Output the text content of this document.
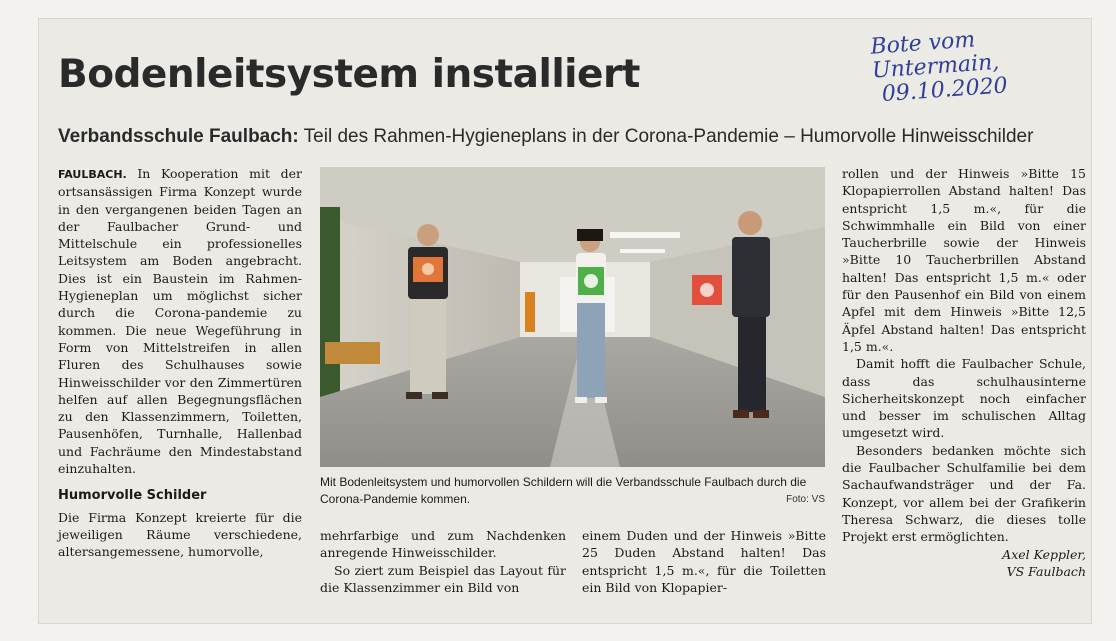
Bote vom Untermain,
09.10.2020
Bodenleitsystem installiert
Verbandsschule Faulbach: Teil des Rahmen-Hygieneplans in der Corona-Pandemie – Humorvolle Hinweisschilder

FAULBACH. In Kooperation mit der ortsansässigen Firma Konzept wurde in den vergangenen beiden Tagen an der Faulbacher Grund- und Mittelschule ein professionelles Leitsystem am Boden angebracht. Dies ist ein Baustein im Rahmen-Hygieneplan um möglichst sicher durch die Corona-pandemie zu kommen. Die neue Wegeführung in Form von Mittelstreifen in allen Fluren des Schulhauses sowie Hinweisschilder vor den Zimmertüren helfen auf allen Begegnungsflächen zu den Klassenzimmern, Toiletten, Pausenhöfen, Turnhalle, Hallenbad und Fachräume den Mindestabstand einzuhalten.

Humorvolle Schilder

Die Firma Konzept kreierte für die jeweiligen Räume verschiedene, altersangemessene, humorvolle,

Mit Bodenleitsystem und humorvollen Schildern will die Verbandsschule Faulbach durch die Corona-Pandemie kommen.	Foto: VS

mehrfarbige und zum Nachdenken anregende Hinweisschilder.

So ziert zum Beispiel das Layout für die Klassenzimmer ein Bild von

einem Duden und der Hinweis »Bitte 25 Duden Abstand halten! Das entspricht 1,5 m.«, für die Toiletten ein Bild von Klopapier-

rollen und der Hinweis »Bitte 15 Klopapierrollen Abstand halten! Das entspricht 1,5 m.«, für die Schwimmhalle ein Bild von einer Taucherbrille sowie der Hinweis »Bitte 10 Taucherbrillen Abstand halten! Das entspricht 1,5 m.« oder für den Pausenhof ein Bild von einem Apfel mit dem Hinweis »Bitte 12,5 Äpfel Abstand halten! Das entspricht 1,5 m.«.

Damit hofft die Faulbacher Schule, dass das schulhausinterne Sicherheitskonzept noch einfacher und besser im schulischen Alltag umgesetzt wird.

Besonders bedanken möchte sich die Faulbacher Schulfamilie bei dem Sachaufwandsträger und der Fa. Konzept, vor allem bei der Grafikerin Theresa Schwarz, die dieses tolle Projekt erst ermöglichten.

Axel Keppler,

VS Faulbach
